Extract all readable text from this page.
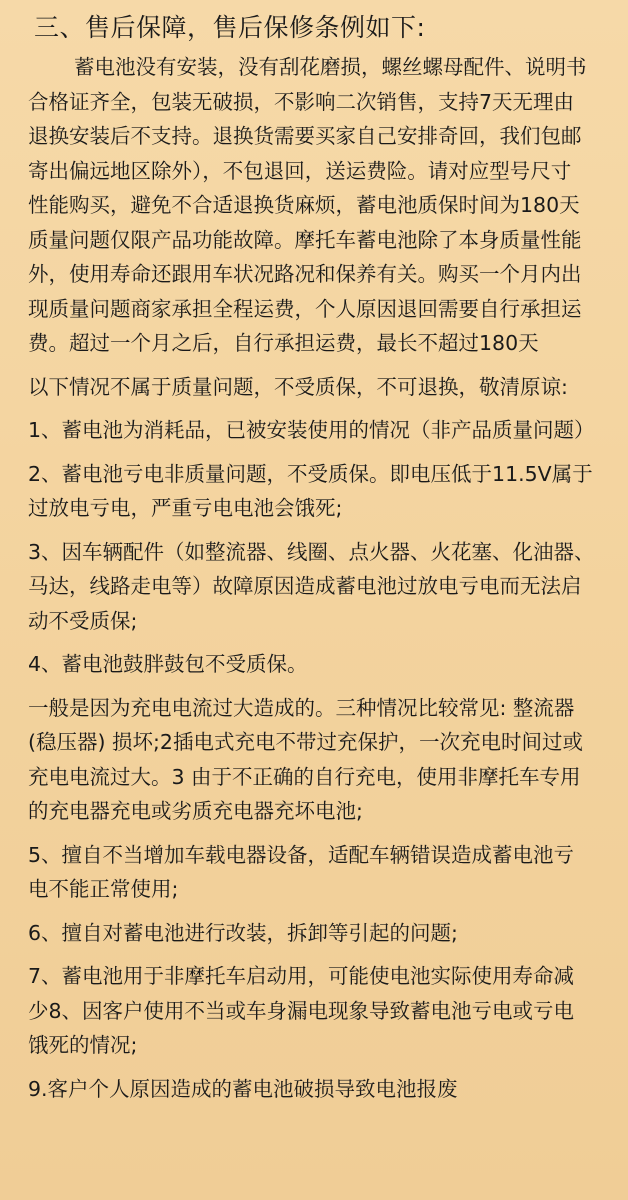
三、售后保障，售后保修条例如下:
蓄电池没有安装，没有刮花磨损，螺丝螺母配件、说明书
合格证齐全，包装无破损，不影响二次销售，支持7天无理由
退换安装后不支持。退换货需要买家自己安排奇回，我们包邮
寄出偏远地区除外），不包退回，送运费险。请对应型号尺寸
性能购买，避免不合适退换货麻烦，蓄电池质保时间为180天
质量问题仅限产品功能故障。摩托车蓄电池除了本身质量性能
外，使用寿命还跟用车状况路况和保养有关。购买一个月内出
现质量问题商家承担全程运费，个人原因退回需要自行承担运
费。超过一个月之后，自行承担运费，最长不超过180天
以下情况不属于质量问题，不受质保，不可退换，敬清原谅:
1、蓄电池为消耗品，已被安装使用的情况（非产品质量问题）
2、蓄电池亏电非质量问题，不受质保。即电压低于11.5V属于
过放电亏电，严重亏电电池会饿死;
3、因车辆配件（如整流器、线圈、点火器、火花塞、化油器、
马达，线路走电等）故障原因造成蓄电池过放电亏电而无法启
动不受质保;
4、蓄电池鼓胖鼓包不受质保。
一般是因为充电电流过大造成的。三种情况比较常见: 整流器
(稳压器) 损坏;2插电式充电不带过充保护，一次充电时间过或
充电电流过大。3 由于不正确的自行充电，使用非摩托车专用
的充电器充电或劣质充电器充坏电池;
5、擅自不当增加车载电器设备，适配车辆错误造成蓄电池亏
电不能正常使用;
6、擅自对蓄电池进行改装，拆卸等引起的问题;
7、蓄电池用于非摩托车启动用，可能使电池实际使用寿命减
少8、因客户使用不当或车身漏电现象导致蓄电池亏电或亏电
饿死的情况;
9.客户个人原因造成的蓄电池破损导致电池报废
